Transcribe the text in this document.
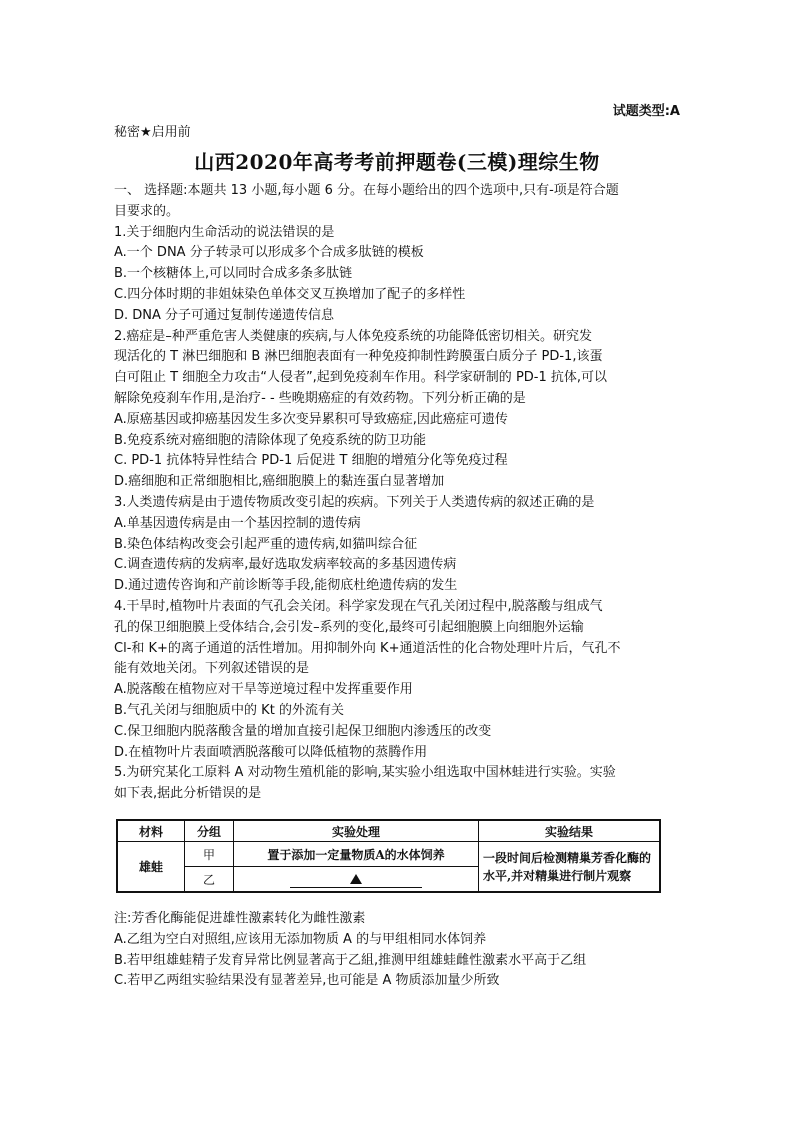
试题类型:A
秘密★启用前
山西2020年高考考前押题卷(三模)理综生物
一、 选择题:本题共 13 小题,每小题 6 分。在每小题给出的四个选项中,只有-项是符合题
目要求的。
1.关于细胞内生命活动的说法错误的是
A.一个 DNA 分子转录可以形成多个合成多肽链的模板
B.一个核糖体上,可以同时合成多条多肽链
C.四分体时期的非姐妹染色单体交叉互换增加了配子的多样性
D. DNA 分子可通过复制传递遗传信息
2.癌症是–种严重危害人类健康的疾病,与人体免疫系统的功能降低密切相关。研究发
现活化的 T 淋巴细胞和 B 淋巴细胞表面有一种免疫抑制性跨膜蛋白质分子 PD-1,该蛋
白可阻止 T 细胞全力攻击“人侵者”,起到免疫刹车作用。科学家研制的 PD-1 抗体,可以
解除免疫刹车作用,是治疗- - 些晚期癌症的有效药物。下列分析正确的是
A.原癌基因或抑癌基因发生多次变异累积可导致癌症,因此癌症可遗传
B.免疫系统对癌细胞的清除体现了免疫系统的防卫功能
C. PD-1 抗体特异性结合 PD-1 后促进 T 细胞的增殖分化等免疫过程
D.癌细胞和正常细胞相比,癌细胞膜上的黏连蛋白显著增加
3.人类遗传病是由于遗传物质改变引起的疾病。下列关于人类遗传病的叙述正确的是
A.单基因遗传病是由一个基因控制的遗传病
B.染色体结构改变会引起严重的遗传病,如猫叫综合征
C.调查遗传病的发病率,最好选取发病率较高的多基因遗传病
D.通过遗传咨询和产前诊断等手段,能彻底杜绝遗传病的发生
4.干旱时,植物叶片表面的气孔会关闭。科学家发现在气孔关闭过程中,脱落酸与组成气
孔的保卫细胞膜上受体结合,会引发–系列的变化,最终可引起细胞膜上向细胞外运输
Cl-和 K+的离子通道的活性增加。用抑制外向 K+通道活性的化合物处理叶片后，气孔不
能有效地关闭。下列叙述错误的是
A.脱落酸在植物应对干旱等逆境过程中发挥重要作用
B.气孔关闭与细胞质中的 Kt 的外流有关
C.保卫细胞内脱落酸含量的增加直接引起保卫细胞内渗透压的改变
D.在植物叶片表面喷洒脱落酸可以降低植物的蒸腾作用
5.为研究某化工原料 A 对动物生殖机能的影响,某实验小组选取中国林蛙进行实验。实验
如下表,据此分析错误的是
材料	分组	实验处理	实验结果
雄蛙	甲	置于添加一定量物质A的水体饲养	一段时间后检测精巢芳香化酶的水平,并对精巢进行制片观察
	乙		
注:芳香化酶能促进雄性激素转化为雌性激素
A.乙组为空白对照组,应该用无添加物质 A 的与甲组相同水体饲养
B.若甲组雄蛙精子发育异常比例显著高于乙組,推测甲组雄蛙雌性激素水平高于乙组
C.若甲乙两组实验结果没有显著差异,也可能是 A 物质添加量少所致
